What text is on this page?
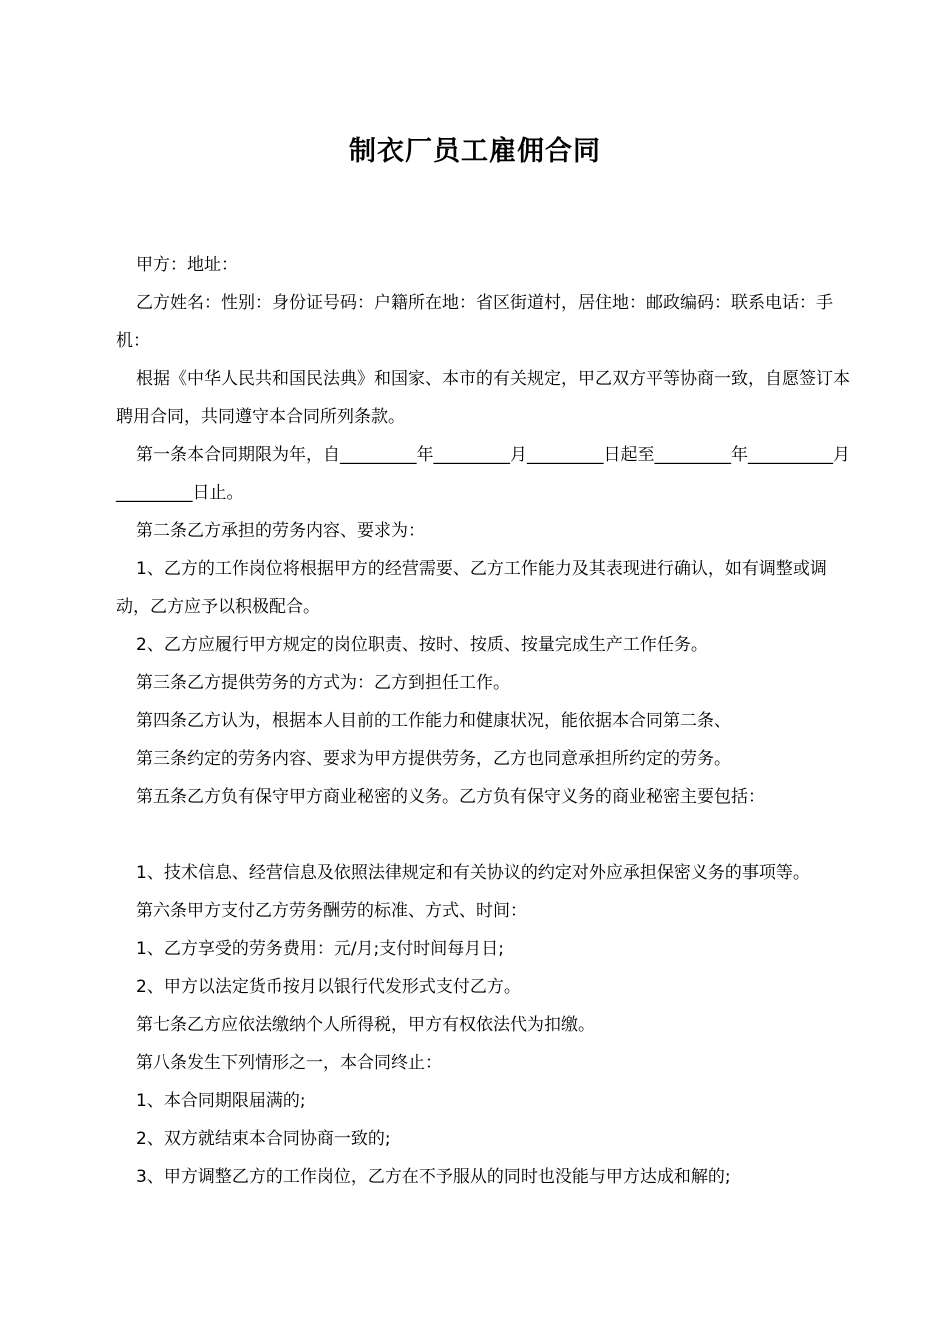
制衣厂员工雇佣合同

甲方：地址：

乙方姓名：性别：身份证号码：户籍所在地：省区街道村，居住地：邮政编码：联系电话：手机：

根据《中华人民共和国民法典》和国家、本市的有关规定，甲乙双方平等协商一致，自愿签订本聘用合同，共同遵守本合同所列条款。

第一条本合同期限为年，自_________年_________月_________日起至_________年__________月_________日止。

第二条乙方承担的劳务内容、要求为：

1、乙方的工作岗位将根据甲方的经营需要、乙方工作能力及其表现进行确认，如有调整或调动，乙方应予以积极配合。

2、乙方应履行甲方规定的岗位职责、按时、按质、按量完成生产工作任务。

第三条乙方提供劳务的方式为：乙方到担任工作。

第四条乙方认为，根据本人目前的工作能力和健康状况，能依据本合同第二条、

第三条约定的劳务内容、要求为甲方提供劳务，乙方也同意承担所约定的劳务。

第五条乙方负有保守甲方商业秘密的义务。乙方负有保守义务的商业秘密主要包括：

1、技术信息、经营信息及依照法律规定和有关协议的约定对外应承担保密义务的事项等。

第六条甲方支付乙方劳务酬劳的标准、方式、时间：

1、乙方享受的劳务费用：元/月;支付时间每月日;

2、甲方以法定货币按月以银行代发形式支付乙方。

第七条乙方应依法缴纳个人所得税，甲方有权依法代为扣缴。

第八条发生下列情形之一，本合同终止：

1、本合同期限届满的;

2、双方就结束本合同协商一致的;

3、甲方调整乙方的工作岗位，乙方在不予服从的同时也没能与甲方达成和解的;
